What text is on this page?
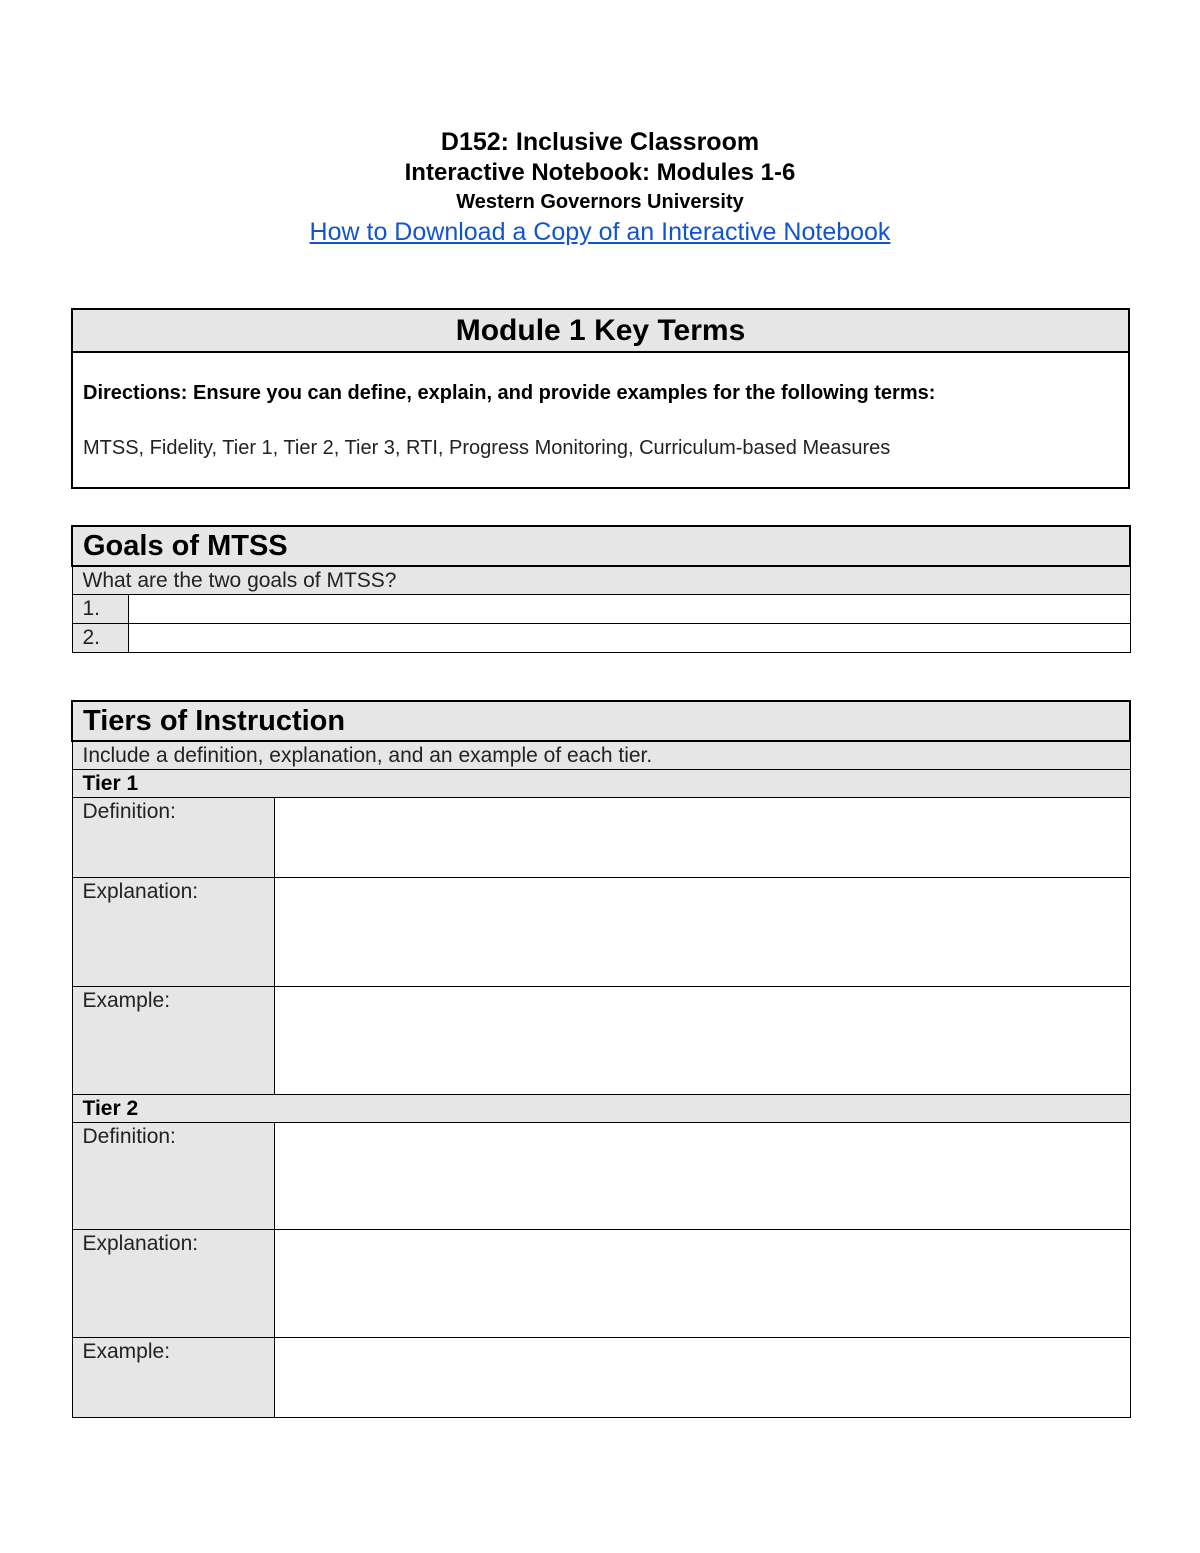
D152: Inclusive Classroom
Interactive Notebook: Modules 1-6
Western Governors University
How to Download a Copy of an Interactive Notebook
Module 1 Key Terms
Directions: Ensure you can define, explain, and provide examples for the following terms:
MTSS, Fidelity, Tier 1, Tier 2, Tier 3, RTI, Progress Monitoring, Curriculum-based Measures
Goals of MTSS	
What are the two goals of MTSS?	
1.	
2.	
Tiers of Instruction	
Include a definition, explanation, and an example of each tier.	
Tier 1	
Definition:	
Explanation:	
Example:	
Tier 2	
Definition:	
Explanation:	
Example:	
